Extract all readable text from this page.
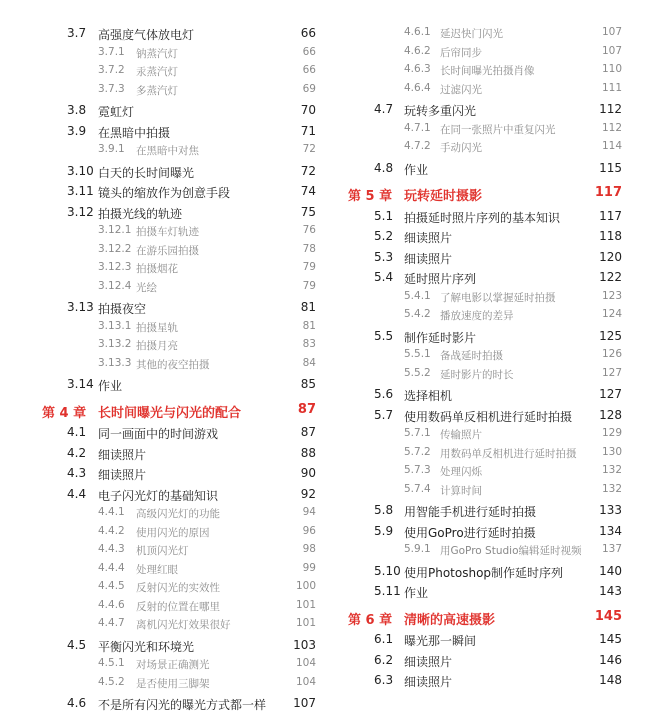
3.7 高强度气体放电灯	66
3.7.1 钠蒸汽灯	66
3.7.2 汞蒸汽灯	66
3.7.3 多蒸汽灯	69
3.8 霓虹灯	70
3.9 在黑暗中拍摄	71
3.9.1 在黑暗中对焦	72
3.10 白天的长时间曝光	72
3.11 镜头的缩放作为创意手段	74
3.12 拍摄光线的轨迹	75
3.12.1 拍摄车灯轨迹	76
3.12.2 在游乐园拍摄	78
3.12.3 拍摄烟花	79
3.12.4 光绘	79
3.13 拍摄夜空	81
3.13.1 拍摄星轨	81
3.13.2 拍摄月亮	83
3.13.3 其他的夜空拍摄	84
3.14 作业	85
第 4 章 长时间曝光与闪光的配合	87
4.1 同一画面中的时间游戏	87
4.2 细读照片	88
4.3 细读照片	90
4.4 电子闪光灯的基础知识	92
4.4.1 高级闪光灯的功能	94
4.4.2 使用闪光的原因	96
4.4.3 机顶闪光灯	98
4.4.4 处理红眼	99
4.4.5 反射闪光的实效性	100
4.4.6 反射的位置在哪里	101
4.4.7 离机闪光灯效果很好	101
4.5 平衡闪光和环境光	103
4.5.1 对场景正确测光	104
4.5.2 是否使用三脚架	104
4.6 不是所有闪光的曝光方式都一样 107
4.6.1 延迟快门闪光	107
4.6.2 后帘同步	107
4.6.3 长时间曝光拍摄肖像	110
4.6.4 过滤闪光	111
4.7 玩转多重闪光	112
4.7.1 在同一张照片中重复闪光	112
4.7.2 手动闪光	114
4.8 作业	115
第 5 章 玩转延时摄影	117
5.1 拍摄延时照片序列的基本知识	117
5.2 细读照片	118
5.3 细读照片	120
5.4 延时照片序列	122
5.4.1 了解电影以掌握延时拍摄	123
5.4.2 播放速度的差异	124
5.5 制作延时影片	125
5.5.1 备战延时拍摄	126
5.5.2 延时影片的时长	127
5.6 选择相机	127
5.7 使用数码单反相机进行延时拍摄 128
5.7.1 传输照片	129
5.7.2 用数码单反相机进行延时拍摄 130
5.7.3 处理闪烁	132
5.7.4 计算时间	132
5.8 用智能手机进行延时拍摄	133
5.9 使用GoPro进行延时拍摄	134
5.9.1 用GoPro Studio编辑延时视频 137
5.10 使用Photoshop制作延时序列	140
5.11 作业	143
第 6 章 清晰的高速摄影	145
6.1 曝光那一瞬间	145
6.2 细读照片	146
6.3 细读照片	148
